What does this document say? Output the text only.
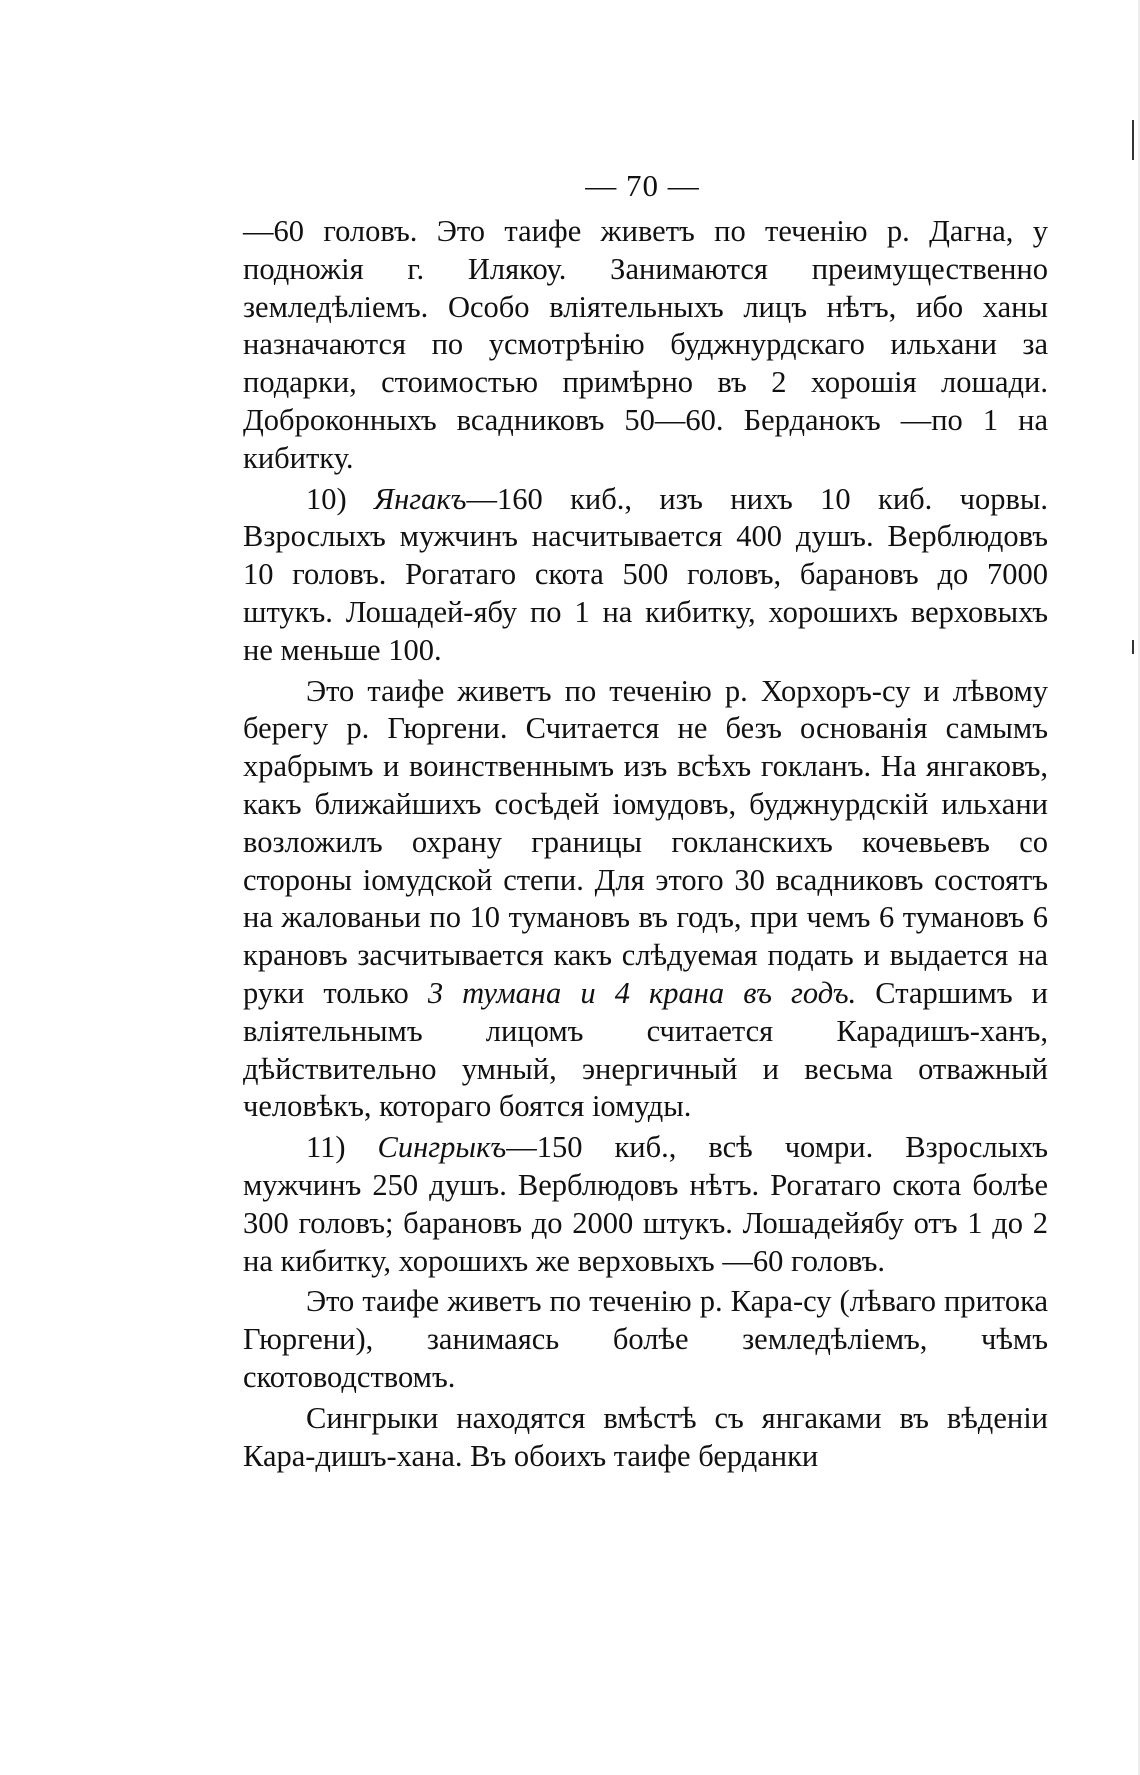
— 70 —

—60 головъ. Это таифе живетъ по теченію р. Дагна, у подножія г. Илякоу. Занимаются преимущественно земледѣліемъ. Особо вліятельныхъ лицъ нѣтъ, ибо ханы назначаются по усмотрѣнію буджнурдскаго ильхани за подарки, стоимостью примѣрно въ 2 хорошія лошади. Доброконныхъ всадниковъ 50—60. Берданокъ —по 1 на кибитку.

10) Янгакъ—160 киб., изъ нихъ 10 киб. чорвы. Взрослыхъ мужчинъ насчитывается 400 душъ. Верблюдовъ 10 головъ. Рогатаго скота 500 головъ, барановъ до 7000 штукъ. Лошадей-ябу по 1 на кибитку, хорошихъ верховыхъ не меньше 100.

Это таифе живетъ по теченію р. Хорхоръ-су и лѣвому берегу р. Гюргени. Считается не безъ основанія самымъ храбрымъ и воинственнымъ изъ всѣхъ гокланъ. На янгаковъ, какъ ближайшихъ сосѣдей іомудовъ, буджнурдскій ильхани возложилъ охрану границы гокланскихъ кочевьевъ со стороны іомудской степи. Для этого 30 всадниковъ состоятъ на жалованьи по 10 тумановъ въ годъ, при чемъ 6 тумановъ 6 крановъ засчитывается какъ слѣдуемая подать и выдается на руки только 3 тумана и 4 крана въ годъ. Старшимъ и вліятельнымъ лицомъ считается Карадишъ-ханъ, дѣйствительно умный, энергичный и весьма отважный человѣкъ, котораго боятся іомуды.

11) Сингрыкъ—150 киб., всѣ чомри. Взрослыхъ мужчинъ 250 душъ. Верблюдовъ нѣтъ. Рогатаго скота болѣе 300 головъ; барановъ до 2000 штукъ. Лошадейябу отъ 1 до 2 на кибитку, хорошихъ же верховыхъ —60 головъ.

Это таифе живетъ по теченію р. Кара-су (лѣваго притока Гюргени), занимаясь болѣе земледѣліемъ, чѣмъ скотоводствомъ.

Сингрыки находятся вмѣстѣ съ янгаками въ вѣденіи Кара-дишъ-хана. Въ обоихъ таифе берданки
